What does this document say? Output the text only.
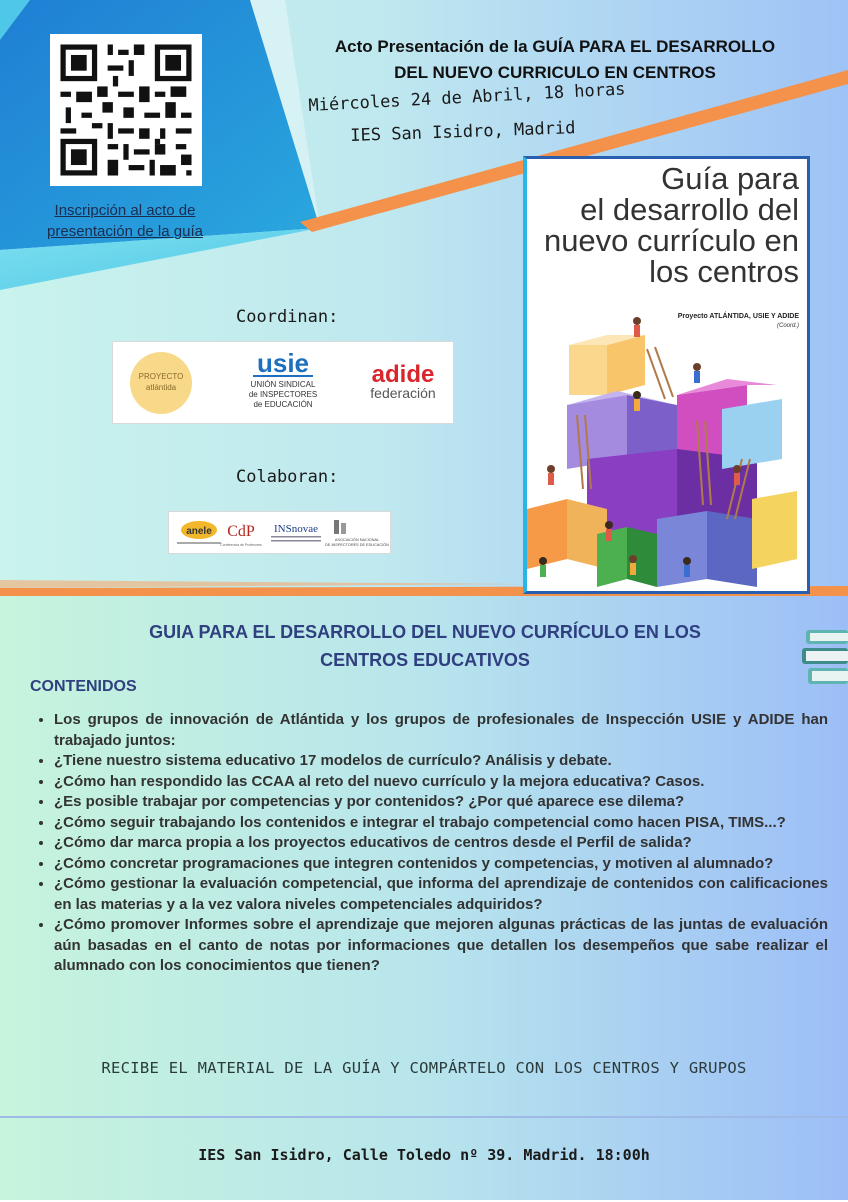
Inscripción al acto de
presentación de la guía
Acto Presentación de la GUÍA PARA EL DESARROLLO
DEL NUEVO CURRICULO EN CENTROS
Miércoles 24 de Abril, 18 horas
IES San Isidro, Madrid
Coordinan:
PROYECTO
atlántida
usie
UNIÓN SINDICAL
de INSPECTORES
de EDUCACIÓN
adide
federación
Colaboran:
anele CdP
Conferencia de Profesores
INSnovae
ASOCIACIÓN NACIONAL
DE INSPECTORES DE EDUCACIÓN
Guía para
el desarrollo del
nuevo currículo en
los centros
Proyecto ATLÁNTIDA, USIE Y ADIDE
(Coord.)
GUIA PARA EL DESARROLLO DEL NUEVO CURRÍCULO EN LOS
CENTROS EDUCATIVOS
CONTENIDOS
• Los grupos de innovación de Atlántida y los grupos de profesionales de Inspección USIE y ADIDE han trabajado juntos:
• ¿Tiene nuestro sistema educativo 17 modelos de currículo? Análisis y debate.
• ¿Cómo han respondido las CCAA al reto del nuevo currículo y la mejora educativa? Casos.
• ¿Es posible trabajar por competencias y por contenidos? ¿Por qué aparece ese dilema?
• ¿Cómo seguir trabajando los contenidos e integrar el trabajo competencial como hacen PISA, TIMS...?
• ¿Cómo dar marca propia a los proyectos educativos de centros desde el Perfil de salida?
• ¿Cómo concretar programaciones que integren contenidos y competencias, y motiven al alumnado?
• ¿Cómo gestionar la evaluación competencial, que informa del aprendizaje de contenidos con calificaciones en las materias y a la vez valora niveles competenciales adquiridos?
• ¿Cómo promover Informes sobre el aprendizaje que mejoren algunas prácticas de las juntas de evaluación aún basadas en el canto de notas por informaciones que detallen los desempeños que sabe realizar el alumnado con los conocimientos que tienen?
RECIBE EL MATERIAL DE LA GUÍA Y COMPÁRTELO CON LOS CENTROS Y GRUPOS
IES San Isidro, Calle Toledo nº 39. Madrid. 18:00h
